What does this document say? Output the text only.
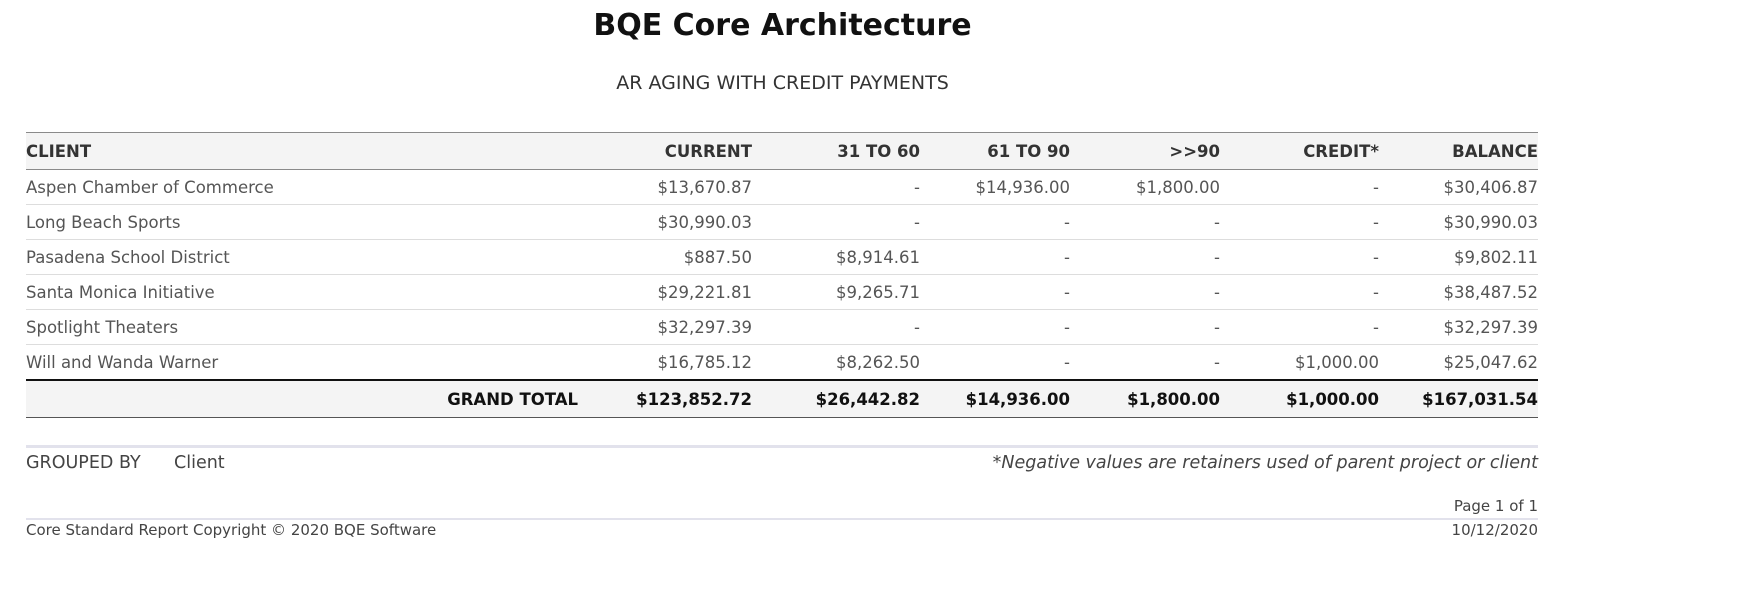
BQE Core Architecture
AR AGING WITH CREDIT PAYMENTS
CLIENT	CURRENT	31 TO 60	61 TO 90	>>90	CREDIT*	BALANCE
Aspen Chamber of Commerce	$13,670.87	-	$14,936.00	$1,800.00	-	$30,406.87
Long Beach Sports	$30,990.03	-	-	-	-	$30,990.03
Pasadena School District	$887.50	$8,914.61	-	-	-	$9,802.11
Santa Monica Initiative	$29,221.81	$9,265.71	-	-	-	$38,487.52
Spotlight Theaters	$32,297.39	-	-	-	-	$32,297.39
Will and Wanda Warner	$16,785.12	$8,262.50	-	-	$1,000.00	$25,047.62
GRAND TOTAL	$123,852.72	$26,442.82	$14,936.00	$1,800.00	$1,000.00	$167,031.54
GROUPED BY Client	*Negative values are retainers used of parent project or client
Page 1 of 1
Core Standard Report Copyright © 2020 BQE Software	10/12/2020
